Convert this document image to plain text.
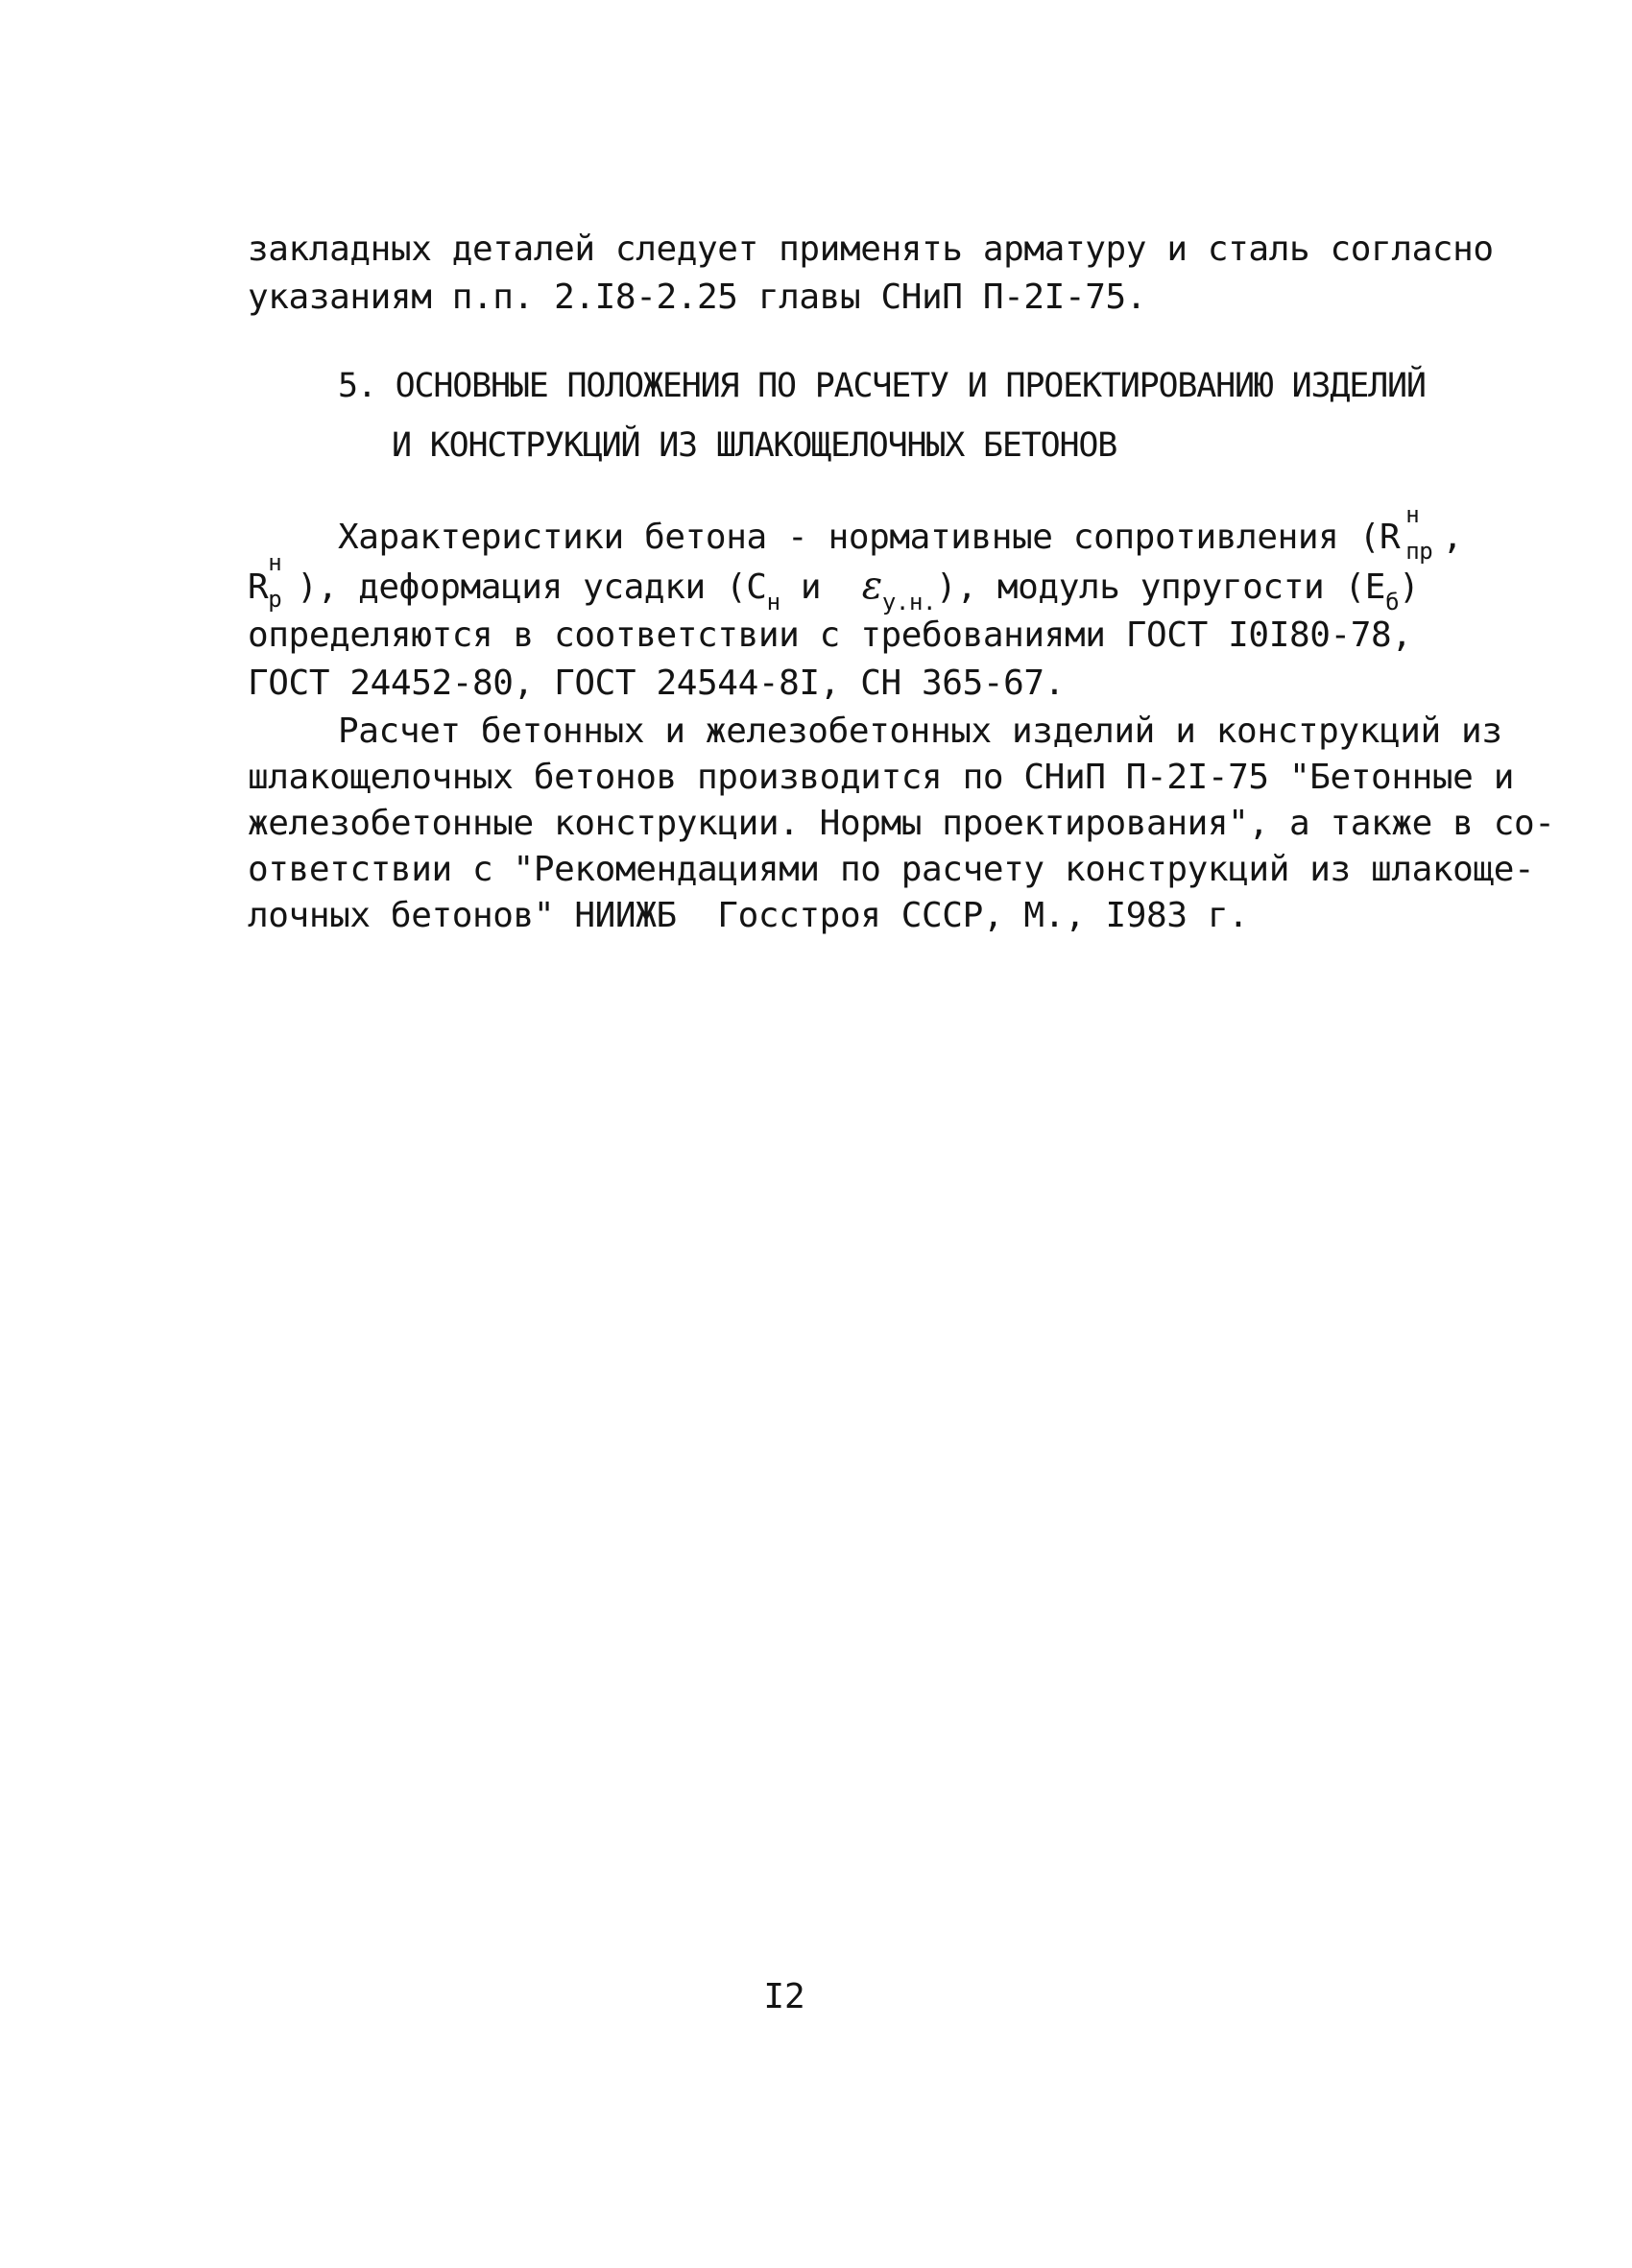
закладных деталей следует применять арматуру и сталь согласно
указаниям п.п. 2.I8-2.25 главы СНиП П-2I-75.
5. ОСНОВНЫЕ ПОЛОЖЕНИЯ ПО РАСЧЕТУ И ПРОЕКТИРОВАНИЮ ИЗДЕЛИЙ
И КОНСТРУКЦИЙ ИЗ ШЛАКОЩЕЛОЧНЫХ БЕТОНОВ
Характеристики бетона - нормативные сопротивления (R
н
пр ,
R
н
р ), деформация усадки ($C_н$ и  $\varepsilon_{у.н.}$), модуль упругости $(E_б)$
определяются в соответствии с требованиями ГОСТ I0I80-78,
ГОСТ 24452-80, ГОСТ 24544-8I, СН 365-67.
Расчет бетонных и железобетонных изделий и конструкций из
шлакощелочных бетонов производится по СНиП П-2I-75 "Бетонные и
железобетонные конструкции. Нормы проектирования", а также в со-
ответствии с "Рекомендациями по расчету конструкций из шлакоще-
лочных бетонов" НИИЖБ  Госстроя СССР, М., I983 г.
I2
